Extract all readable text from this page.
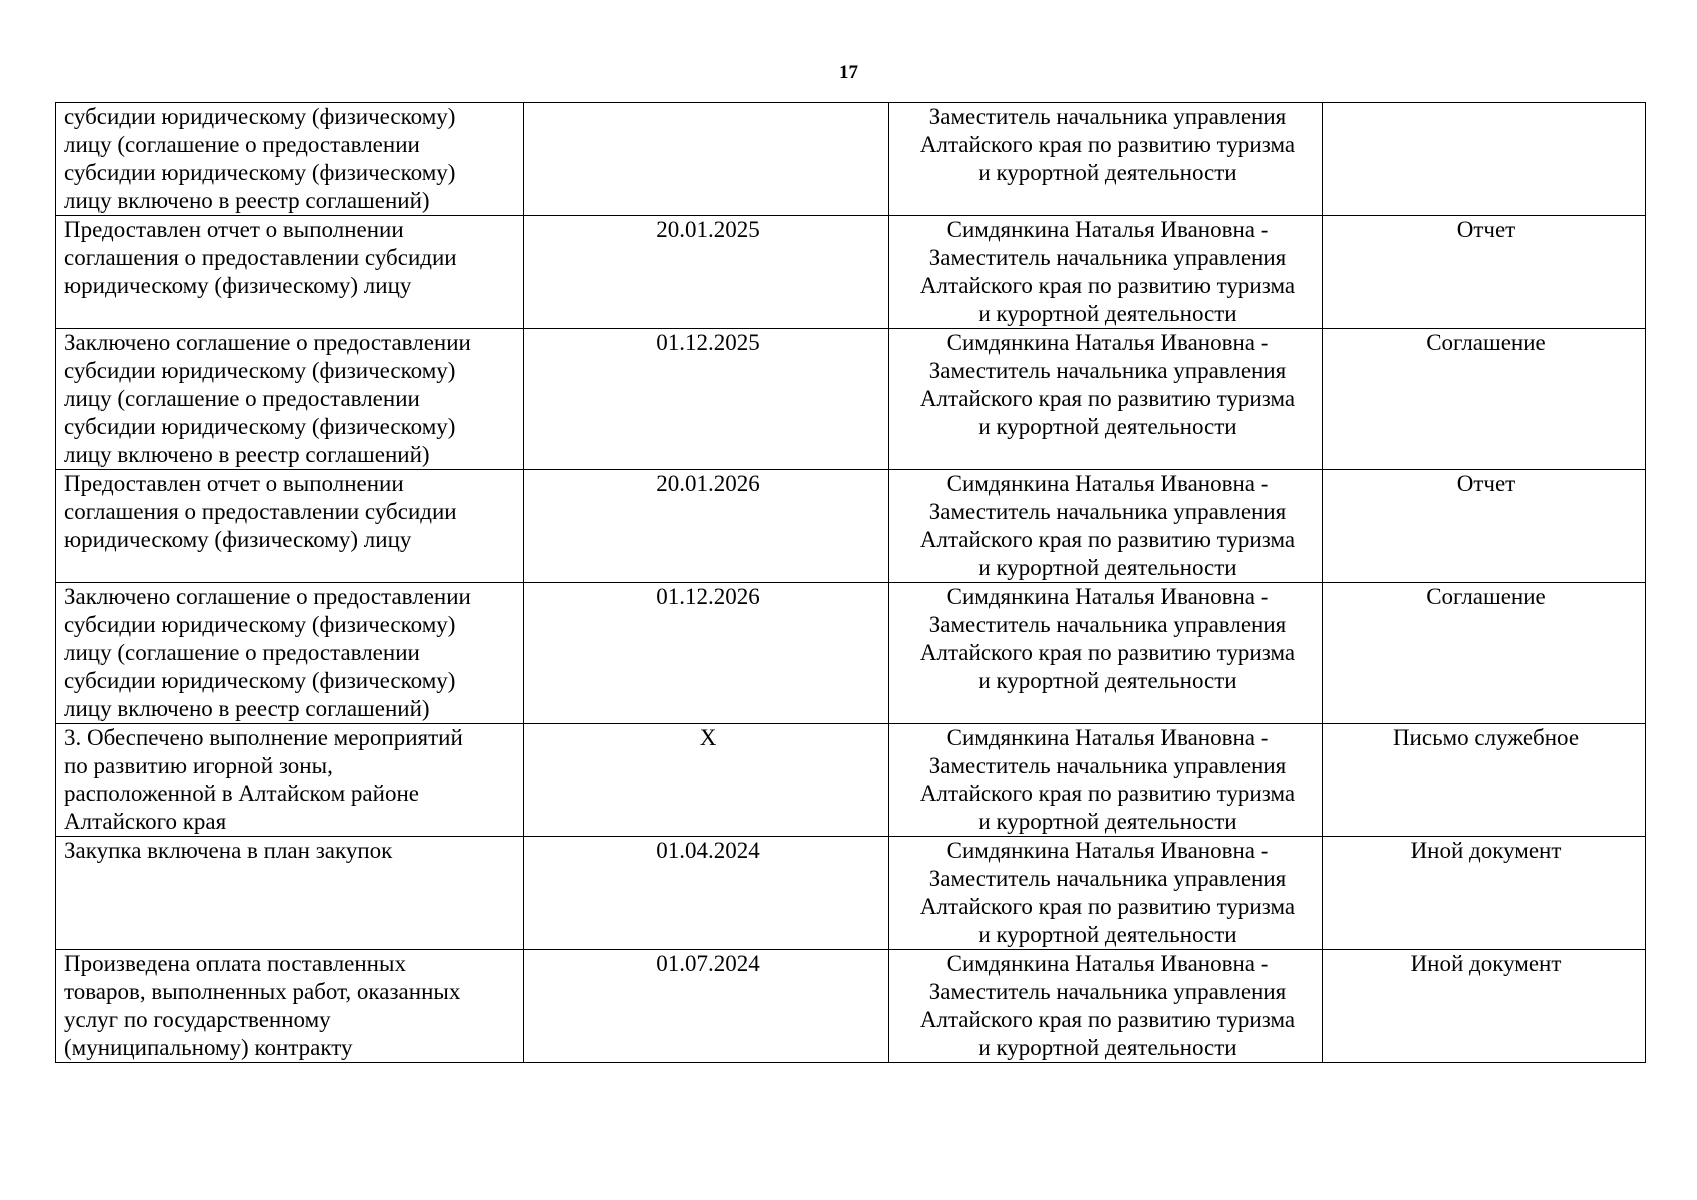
17
субсидии юридическому (физическому)
лицу (соглашение о предоставлении
субсидии юридическому (физическому)
лицу включено в реестр соглашений)		Заместитель начальника управления
Алтайского края по развитию туризма
и курортной деятельности	
Предоставлен отчет о выполнении
соглашения о предоставлении субсидии
юридическому (физическому) лицу	20.01.2025	Симдянкина Наталья Ивановна -
Заместитель начальника управления
Алтайского края по развитию туризма
и курортной деятельности	Отчет
Заключено соглашение о предоставлении
субсидии юридическому (физическому)
лицу (соглашение о предоставлении
субсидии юридическому (физическому)
лицу включено в реестр соглашений)	01.12.2025	Симдянкина Наталья Ивановна -
Заместитель начальника управления
Алтайского края по развитию туризма
и курортной деятельности	Соглашение
Предоставлен отчет о выполнении
соглашения о предоставлении субсидии
юридическому (физическому) лицу	20.01.2026	Симдянкина Наталья Ивановна -
Заместитель начальника управления
Алтайского края по развитию туризма
и курортной деятельности	Отчет
Заключено соглашение о предоставлении
субсидии юридическому (физическому)
лицу (соглашение о предоставлении
субсидии юридическому (физическому)
лицу включено в реестр соглашений)	01.12.2026	Симдянкина Наталья Ивановна -
Заместитель начальника управления
Алтайского края по развитию туризма
и курортной деятельности	Соглашение
3. Обеспечено выполнение мероприятий
по развитию игорной зоны,
расположенной в Алтайском районе
Алтайского края	X	Симдянкина Наталья Ивановна -
Заместитель начальника управления
Алтайского края по развитию туризма
и курортной деятельности	Письмо служебное
Закупка включена в план закупок	01.04.2024	Симдянкина Наталья Ивановна -
Заместитель начальника управления
Алтайского края по развитию туризма
и курортной деятельности	Иной документ
Произведена оплата поставленных
товаров, выполненных работ, оказанных
услуг по государственному
(муниципальному) контракту	01.07.2024	Симдянкина Наталья Ивановна -
Заместитель начальника управления
Алтайского края по развитию туризма
и курортной деятельности	Иной документ
